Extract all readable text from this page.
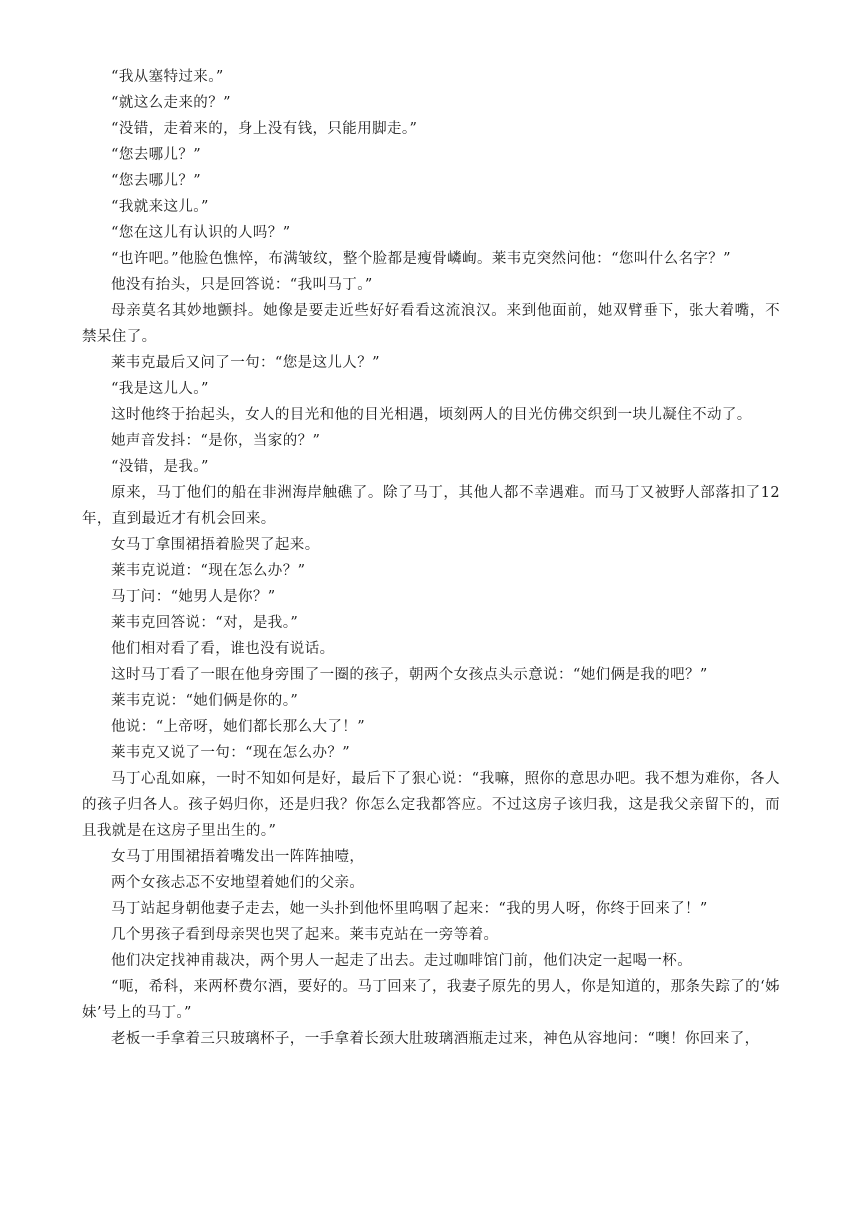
“我从塞特过来。”

“就这么走来的？”

“没错，走着来的，身上没有钱，只能用脚走。”

“您去哪儿？”

“您去哪儿？”

“我就来这儿。”

“您在这儿有认识的人吗？”

“也许吧。”他脸色憔悴，布满皱纹，整个脸都是瘦骨嶙峋。莱韦克突然问他：“您叫什么名字？”

他没有抬头，只是回答说：“我叫马丁。”

母亲莫名其妙地颤抖。她像是要走近些好好看看这流浪汉。来到他面前，她双臂垂下，张大着嘴，不禁呆住了。

莱韦克最后又问了一句：“您是这儿人？”

“我是这儿人。”

这时他终于抬起头，女人的目光和他的目光相遇，顷刻两人的目光仿佛交织到一块儿凝住不动了。

她声音发抖：“是你，当家的？”

“没错，是我。”

原来，马丁他们的船在非洲海岸触礁了。除了马丁，其他人都不幸遇难。而马丁又被野人部落扣了12年，直到最近才有机会回来。

女马丁拿围裙捂着脸哭了起来。

莱韦克说道：“现在怎么办？”

马丁问：“她男人是你？”

莱韦克回答说：“对，是我。”

他们相对看了看，谁也没有说话。

这时马丁看了一眼在他身旁围了一圈的孩子，朝两个女孩点头示意说：“她们俩是我的吧？”

莱韦克说：“她们俩是你的。”

他说：“上帝呀，她们都长那么大了！”

莱韦克又说了一句：“现在怎么办？”

马丁心乱如麻，一时不知如何是好，最后下了狠心说：“我嘛，照你的意思办吧。我不想为难你，各人的孩子归各人。孩子妈归你，还是归我？你怎么定我都答应。不过这房子该归我，这是我父亲留下的，而且我就是在这房子里出生的。”

女马丁用围裙捂着嘴发出一阵阵抽噎，

两个女孩忐忑不安地望着她们的父亲。

马丁站起身朝他妻子走去，她一头扑到他怀里呜咽了起来：“我的男人呀，你终于回来了！”

几个男孩子看到母亲哭也哭了起来。莱韦克站在一旁等着。

他们决定找神甫裁决，两个男人一起走了出去。走过咖啡馆门前，他们决定一起喝一杯。

“呃，希科，来两杯费尔酒，要好的。马丁回来了，我妻子原先的男人，你是知道的，那条失踪了的‘姊妹’号上的马丁。”

老板一手拿着三只玻璃杯子，一手拿着长颈大肚玻璃酒瓶走过来，神色从容地问：“噢！你回来了，
